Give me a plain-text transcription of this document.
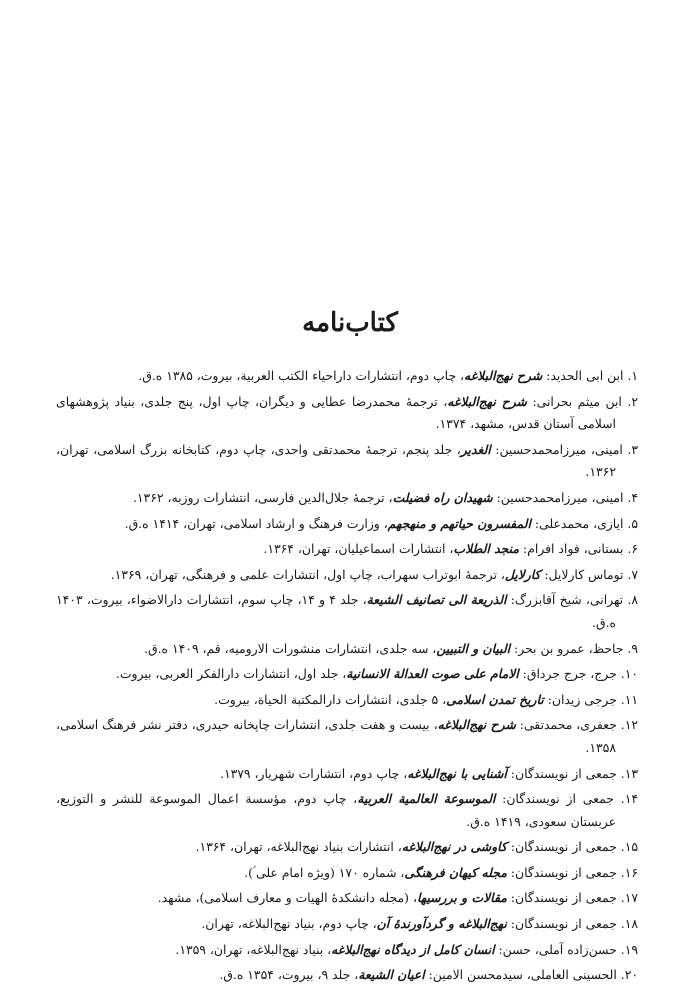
کتاب‌نامه
۱. ابن ابی الحدید: شرح نهج‌البلاغه، چاپ دوم، انتشارات داراحیاء الکتب العربیة، بیروت، ۱۳۸۵ ه.ق.
۲. ابن میثم بحرانی: شرح نهج‌البلاغه، ترجمهٔ محمدرضا عطایی و دیگران، چاپ اول، پنج جلدی، بنیاد پژوهشهای اسلامی آستان قدس، مشهد، ۱۳۷۴.
۳. امینی، میرزامحمدحسین: الغدیر، جلد پنجم، ترجمهٔ محمدتقی واحدی، چاپ دوم، کتابخانه بزرگ اسلامی، تهران، ۱۳۶۲.
۴. امینی، میرزامحمدحسین: شهیدان راه فضیلت، ترجمهٔ جلال‌الدین فارسی، انتشارات روزبه، ۱۳۶۲.
۵. ایازی، محمدعلی: المفسرون حیاتهم و منهجهم، وزارت فرهنگ و ارشاد اسلامی، تهران، ۱۴۱۴ ه.ق.
۶. بستانی، فواد افرام: منجد الطلاب، انتشارات اسماعیلیان، تهران، ۱۳۶۴.
۷. توماس کارلایل: کارلایل، ترجمهٔ ابوتراب سهراب، چاپ اول، انتشارات علمی و فرهنگی، تهران، ۱۳۶۹.
۸. تهرانی، شیخ آقابزرگ: الذریعة الی تصانیف الشیعة، جلد ۴ و ۱۴، چاپ سوم، انتشارات دارالاضواء، بیروت، ۱۴۰۳ ه.ق.
۹. جاحظ، عمرو بن بحر: البیان و التبیین، سه جلدی، انتشارات منشورات الارومیه، قم، ۱۴۰۹ ه.ق.
۱۰. جرج، جرج جرداق: الامام علی صوت العدالة الانسانیة، جلد اول، انتشارات دارالفکر العربی، بیروت.
۱۱. جرجی زیدان: تاریخ تمدن اسلامی، ۵ جلدی، انتشارات دارالمکتبة الحیاة، بیروت.
۱۲. جعفری، محمدتقی: شرح نهج‌البلاغه، بیست و هفت جلدی، انتشارات چاپخانه حیدری، دفتر نشر فرهنگ اسلامی، ۱۳۵۸.
۱۳. جمعی از نویسندگان: آشنایی با نهج‌البلاغه، چاپ دوم، انتشارات شهریار، ۱۳۷۹.
۱۴. جمعی از نویسندگان: الموسوعة العالمیة العربیة، چاپ دوم، مؤسسة اعمال الموسوعة للنشر و التوزیع، عربستان سعودی، ۱۴۱۹ ه.ق.
۱۵. جمعی از نویسندگان: کاوشی در نهج‌البلاغه، انتشارات بنیاد نهج‌البلاغه، تهران، ۱۳۶۴.
۱۶. جمعی از نویسندگان: مجله کیهان فرهنگی، شماره ۱۷۰ (ویژه امام علی ؑ).
۱۷. جمعی از نویسندگان: مقالات و بررسیها، (مجله دانشکدهٔ الهیات و معارف اسلامی)، مشهد.
۱۸. جمعی از نویسندگان: نهج‌البلاغه و گردآورندهٔ آن، چاپ دوم، بنیاد نهج‌البلاغه، تهران.
۱۹. حسن‌زاده آملی، حسن: انسان کامل از دیدگاه نهج‌البلاغه، بنیاد نهج‌البلاغه، تهران، ۱۳۵۹.
۲۰. الحسینی العاملی، سیدمحسن الامین: اعیان الشیعة، جلد ۹، بیروت، ۱۳۵۴ ه.ق.
